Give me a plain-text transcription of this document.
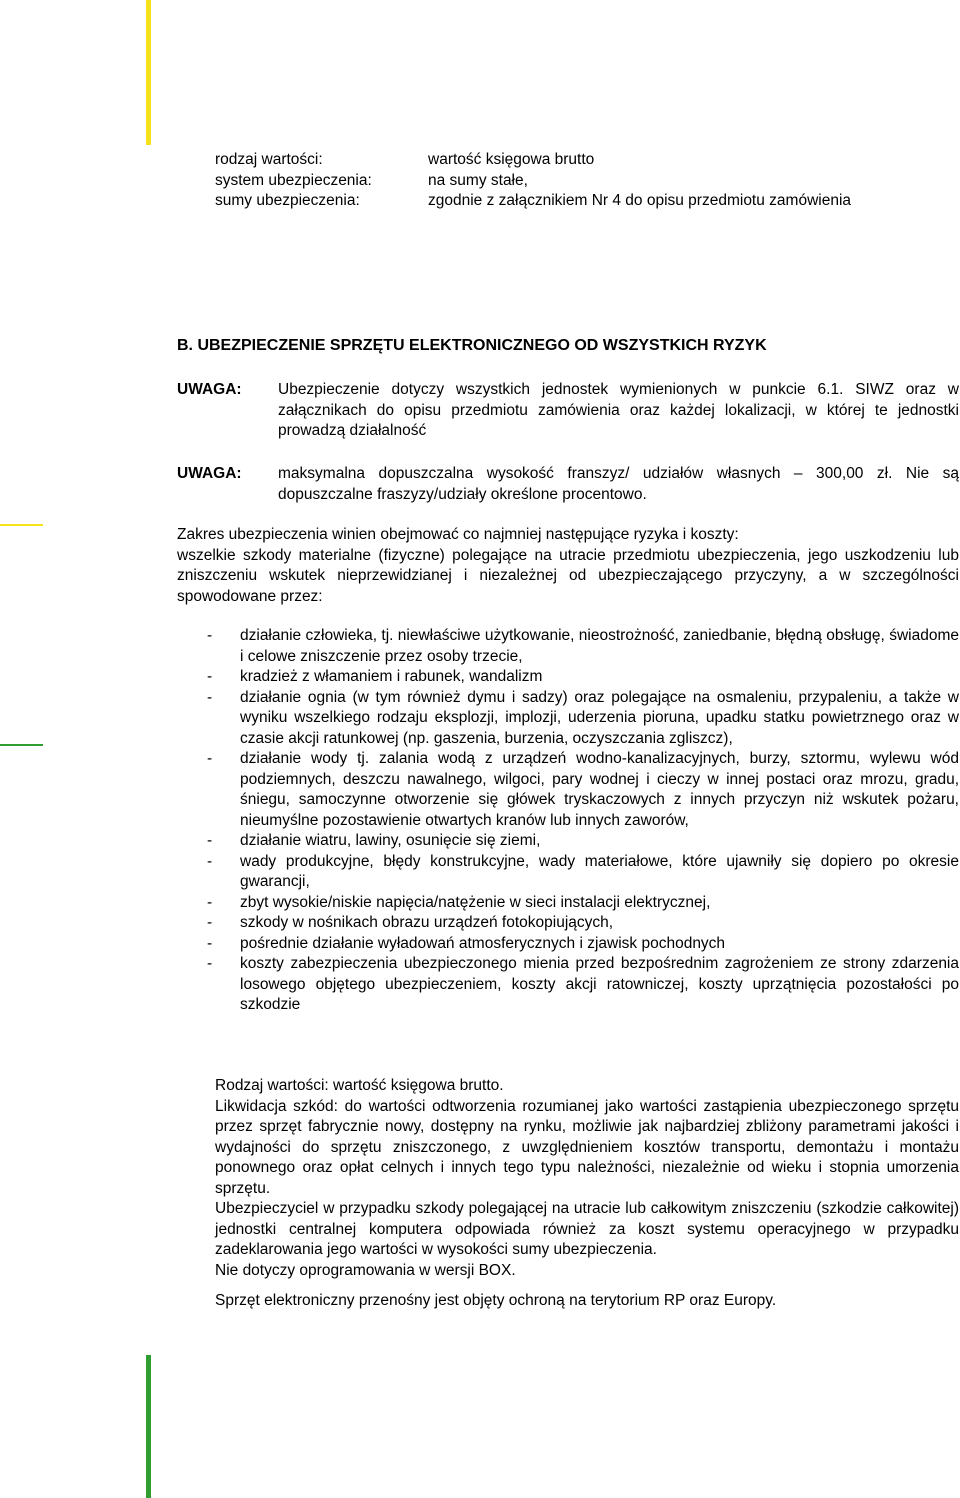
rodzaj wartości:	wartość księgowa brutto
system ubezpieczenia:	na sumy stałe,
sumy ubezpieczenia:	zgodnie z załącznikiem Nr 4 do opisu przedmiotu zamówienia
B. UBEZPIECZENIE SPRZĘTU ELEKTRONICZNEGO OD WSZYSTKICH RYZYK
UWAGA:	Ubezpieczenie dotyczy wszystkich jednostek wymienionych w punkcie 6.1. SIWZ oraz w załącznikach do opisu przedmiotu zamówienia oraz każdej lokalizacji, w której te jednostki prowadzą działalność
UWAGA:	maksymalna dopuszczalna wysokość franszyz/ udziałów własnych – 300,00 zł. Nie są dopuszczalne fraszyzy/udziały określone procentowo.

Zakres ubezpieczenia winien obejmować co najmniej następujące ryzyka i koszty:

wszelkie szkody materialne (fizyczne) polegające na utracie przedmiotu ubezpieczenia, jego uszkodzeniu lub zniszczeniu wskutek nieprzewidzianej i niezależnej od ubezpieczającego przyczyny, a w szczególności spowodowane przez:

-	działanie człowieka, tj. niewłaściwe użytkowanie, nieostrożność, zaniedbanie, błędną obsługę, świadome i celowe zniszczenie przez osoby trzecie,
-	kradzież z włamaniem i rabunek, wandalizm
-	działanie ognia (w tym również dymu i sadzy) oraz polegające na osmaleniu, przypaleniu, a także w wyniku wszelkiego rodzaju eksplozji, implozji, uderzenia pioruna, upadku statku powietrznego oraz w czasie akcji ratunkowej (np. gaszenia, burzenia, oczyszczania zgliszcz),
-	działanie wody tj. zalania wodą z urządzeń wodno-kanalizacyjnych, burzy, sztormu, wylewu wód podziemnych, deszczu nawalnego, wilgoci, pary wodnej i cieczy w innej postaci oraz mrozu, gradu, śniegu, samoczynne otworzenie się główek tryskaczowych z innych przyczyn niż wskutek pożaru, nieumyślne pozostawienie otwartych kranów lub innych zaworów,
-	działanie wiatru, lawiny, osunięcie się ziemi,
-	wady produkcyjne, błędy konstrukcyjne, wady materiałowe, które ujawniły się dopiero po okresie gwarancji,
-	zbyt wysokie/niskie napięcia/natężenie w sieci instalacji elektrycznej,
-	szkody w nośnikach obrazu urządzeń fotokopiujących,
-	pośrednie działanie wyładowań atmosferycznych i zjawisk pochodnych
-	koszty zabezpieczenia ubezpieczonego mienia przed bezpośrednim zagrożeniem ze strony zdarzenia losowego objętego ubezpieczeniem, koszty akcji ratowniczej, koszty uprzątnięcia pozostałości po szkodzie

Rodzaj wartości: wartość księgowa brutto.

Likwidacja szkód: do wartości odtworzenia rozumianej jako wartości zastąpienia ubezpieczonego sprzętu przez sprzęt fabrycznie nowy, dostępny na rynku, możliwie jak najbardziej zbliżony parametrami jakości i wydajności do sprzętu zniszczonego, z uwzględnieniem kosztów transportu, demontażu i montażu ponownego oraz opłat celnych i innych tego typu należności, niezależnie od wieku i stopnia umorzenia sprzętu.

Ubezpieczyciel w przypadku szkody polegającej na utracie lub całkowitym zniszczeniu (szkodzie całkowitej) jednostki centralnej komputera odpowiada również za koszt systemu operacyjnego w przypadku zadeklarowania jego wartości w wysokości sumy ubezpieczenia.

Nie dotyczy oprogramowania w wersji BOX.

Sprzęt elektroniczny przenośny jest objęty ochroną na terytorium RP oraz Europy.
